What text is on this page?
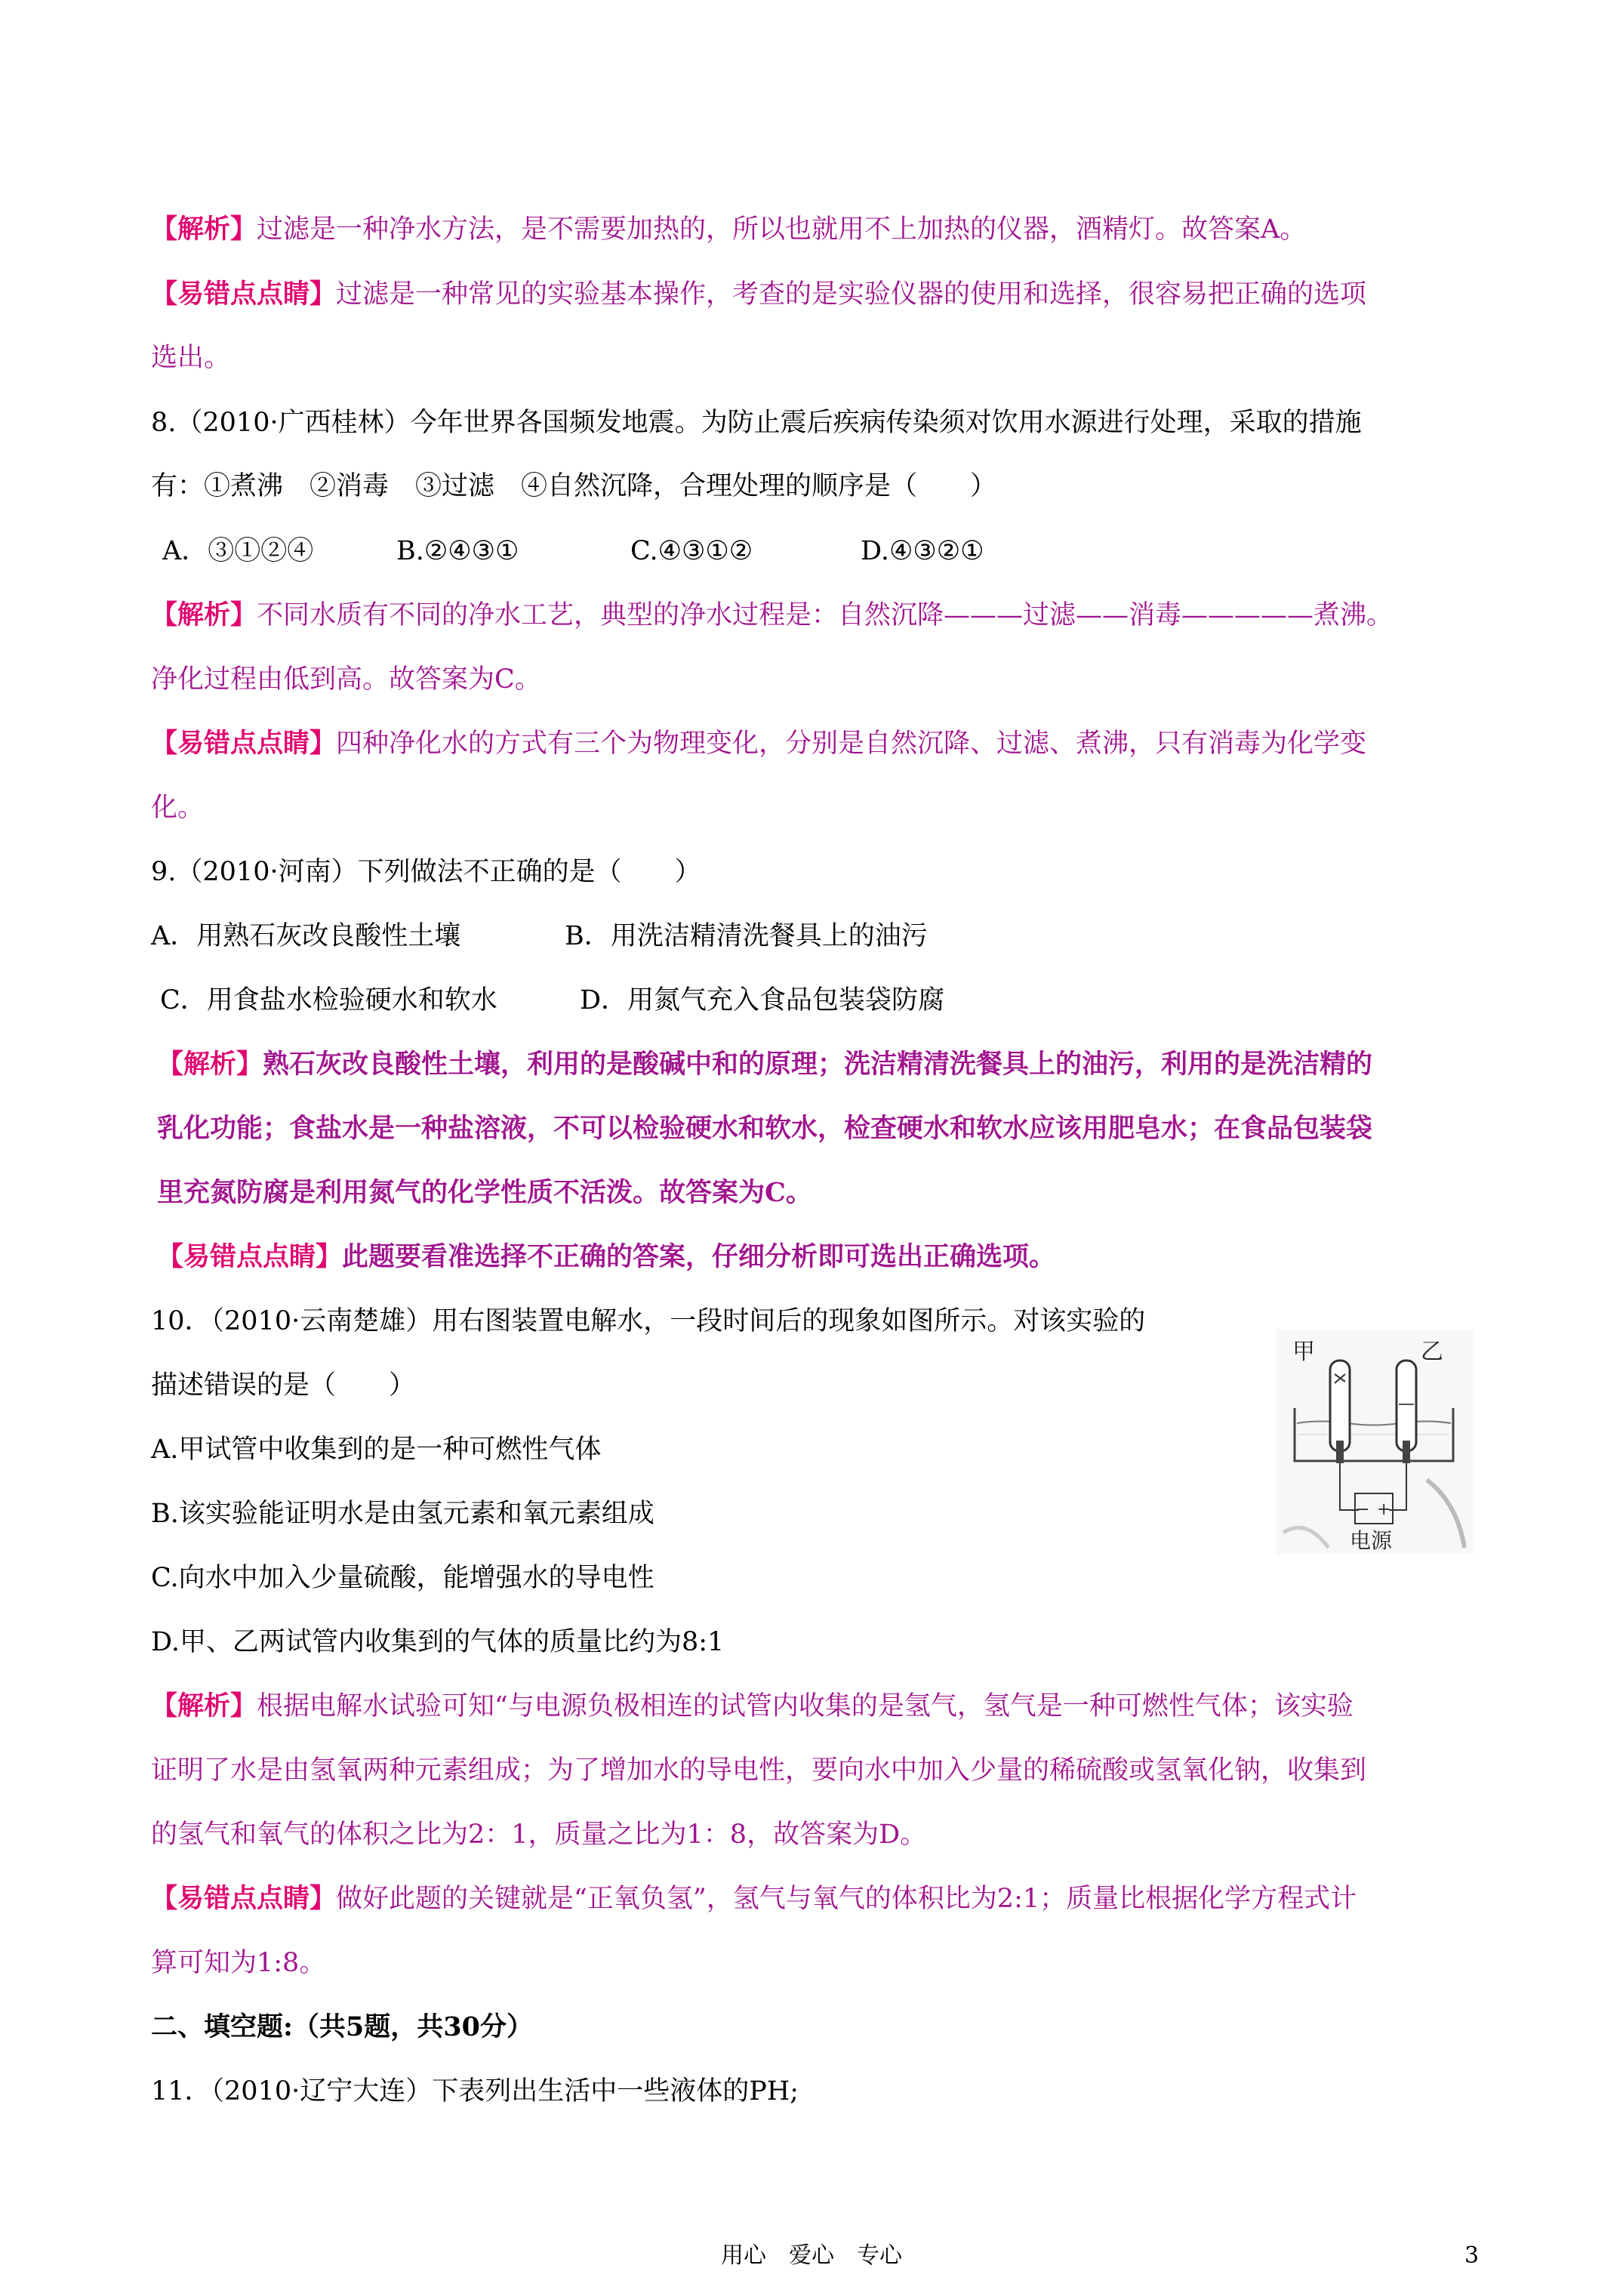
【解析】过滤是一种净水方法，是不需要加热的，所以也就用不上加热的仪器，酒精灯。故答案A。
【易错点点睛】过滤是一种常见的实验基本操作，考查的是实验仪器的使用和选择，很容易把正确的选项
选出。
8.（2010·广西桂林）今年世界各国频发地震。为防止震后疾病传染须对饮用水源进行处理，采取的措施
有：①煮沸　②消毒　③过滤　④自然沉降，合理处理的顺序是（　　）
A．③①②④	B.②④③①	C.④③①②	D.④③②①
【解析】不同水质有不同的净水工艺，典型的净水过程是：自然沉降———过滤——消毒—————煮沸。
净化过程由低到高。故答案为C。
【易错点点睛】四种净化水的方式有三个为物理变化，分别是自然沉降、过滤、煮沸，只有消毒为化学变
化。
9.（2010·河南）下列做法不正确的是（　　）
A．用熟石灰改良酸性土壤	B．用洗洁精清洗餐具上的油污
C．用食盐水检验硬水和软水	D．用氮气充入食品包装袋防腐
【解析】熟石灰改良酸性土壤，利用的是酸碱中和的原理；洗洁精清洗餐具上的油污，利用的是洗洁精的
乳化功能；食盐水是一种盐溶液，不可以检验硬水和软水，检查硬水和软水应该用肥皂水；在食品包装袋
里充氮防腐是利用氮气的化学性质不活泼。故答案为C。
【易错点点睛】此题要看准选择不正确的答案，仔细分析即可选出正确选项。
10．（2010·云南楚雄）用右图装置电解水，一段时间后的现象如图所示。对该实验的
描述错误的是（　　）
A.甲试管中收集到的是一种可燃性气体
B.该实验能证明水是由氢元素和氧元素组成
C.向水中加入少量硫酸，能增强水的导电性
D.甲、乙两试管内收集到的气体的质量比约为8:1
甲	乙
− +
电源
【解析】根据电解水试验可知“与电源负极相连的试管内收集的是氢气，氢气是一种可燃性气体；该实验
证明了水是由氢氧两种元素组成；为了增加水的导电性，要向水中加入少量的稀硫酸或氢氧化钠，收集到
的氢气和氧气的体积之比为2：1，质量之比为1：8，故答案为D。
【易错点点睛】做好此题的关键就是“正氧负氢”，氢气与氧气的体积比为2:1；质量比根据化学方程式计
算可知为1:8。
二、填空题:（共5题，共30分）
11．（2010·辽宁大连）下表列出生活中一些液体的PH;
用心　爱心　专心	3
